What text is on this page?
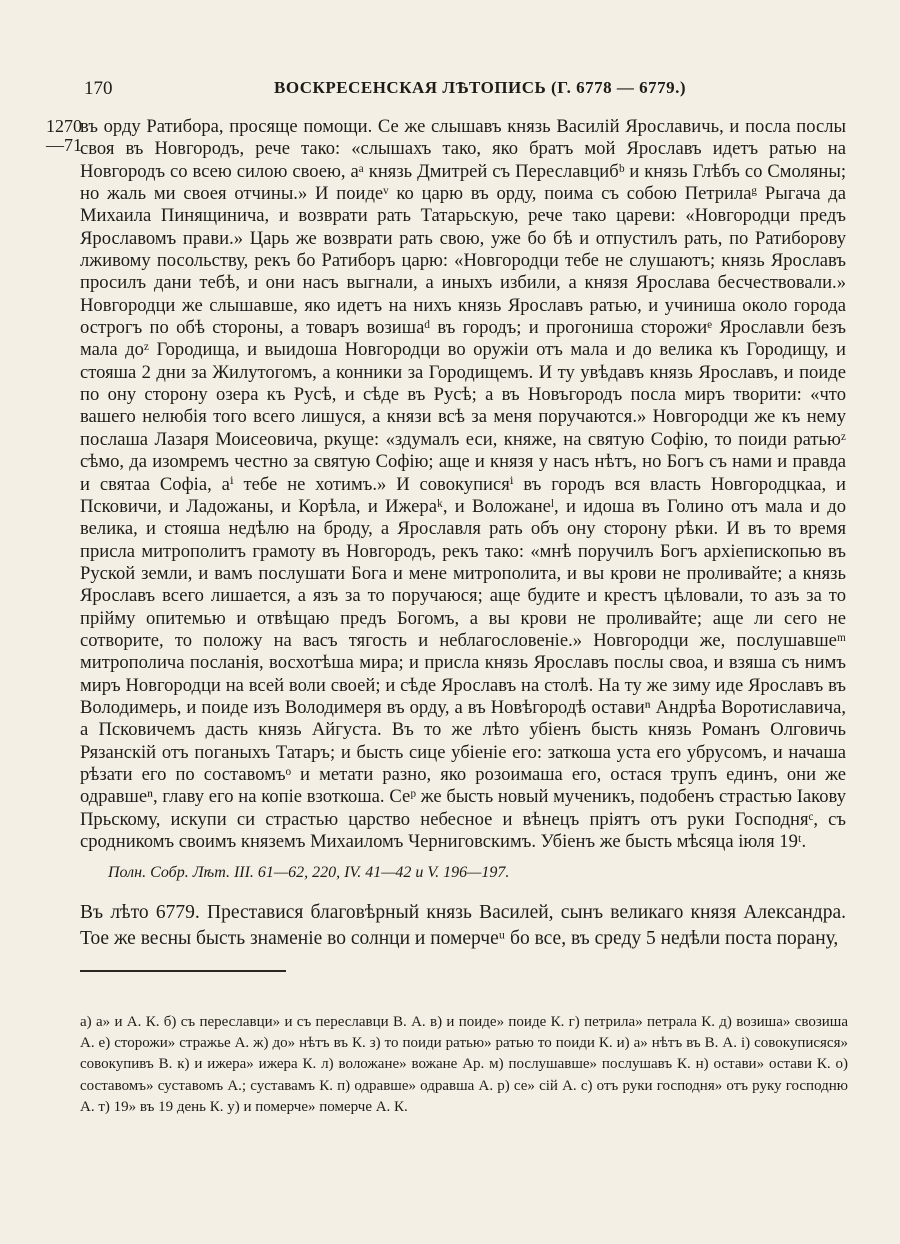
170	ВОСКРЕСЕНСКАЯ ЛѢТОПИСЬ (Г. 6778 — 6779.)
1270
—71

въ орду Ратибора, просяще помощи. Се же слышавъ князь Василій Ярославичь, и посла послы своя въ Новгородъ, рече тако: «слышахъ тако, яко братъ мой Ярославъ идетъ ратью на Новгородъ со всею силою своею, аᵃ князь Дмитрей съ Переславцибᵇ и князь Глѣбъ со Смоляны; но жаль ми своея отчины.» И поидеᵛ ко царю въ орду, поима съ собою Петрилаᵍ Рыгача да Михаила Пинящинича, и возврати рать Татарьскую, рече тако цареви: «Новгородци предъ Ярославомъ прави.» Царь же возврати рать свою, уже бо бѣ и отпустилъ рать, по Ратиборову лживому посольству, рекъ бо Ратиборъ царю: «Новгородци тебе не слушаютъ; князь Ярославъ просилъ дани тебѣ, и они насъ выгнали, а иныхъ избили, а князя Ярослава бесчествовали.» Новгородци же слышавше, яко идетъ на нихъ князь Ярославъ ратью, и учиниша около города острогъ по обѣ стороны, а товаръ возишаᵈ въ городъ; и прогониша сторожиᵉ Ярославли безъ мала доᶻ Городища, и выидоша Новгородци во оружіи отъ мала и до велика къ Городищу, и стояша 2 дни за Жилутогомъ, а конники за Городищемъ. И ту увѣдавъ князь Ярославъ, и поиде по ону сторону озера къ Русѣ, и сѣде въ Русѣ; а въ Новъгородъ посла миръ творити: «что вашего нелюбія того всего лишуся, а князи всѣ за меня поручаются.» Новгородци же къ нему послаша Лазаря Моисеовича, ркуще: «здумалъ еси, княже, на святую Софію, то поиди ратьюᶻ сѣмо, да изомремъ честно за святую Софію; аще и князя у насъ нѣтъ, но Богъ съ нами и правда и святаа Софіа, аⁱ тебе не хотимъ.» И совокуписяⁱ въ городъ вся власть Новгородцкаа, и Псковичи, и Ладожаны, и Корѣла, и Ижераᵏ, и Воложанеˡ, и идоша въ Голино отъ мала и до велика, и стояша недѣлю на броду, а Ярославля рать объ ону сторону рѣки. И въ то время присла митрополитъ грамоту въ Новгородъ, рекъ тако: «мнѣ поручилъ Богъ архіепископью въ Руской земли, и вамъ послушати Бога и мене митрополита, и вы крови не проливайте; а князь Ярославъ всего лишается, а язъ за то поручаюся; аще будите и крестъ цѣловали, то азъ за то прійму опитемью и отвѣщаю предъ Богомъ, а вы крови не проливайте; аще ли сего не сотворите, то положу на васъ тягость и неблагословеніе.» Новгородци же, послушавшеᵐ митрополича посланія, восхотѣша мира; и присла князь Ярославъ послы своа, и взяша съ нимъ миръ Новгородци на всей воли своей; и сѣде Ярославъ на столѣ. На ту же зиму иде Ярославъ въ Володимерь, и поиде изъ Володимеря въ орду, а въ Новѣгородѣ оставиⁿ Андрѣа Воротиславича, а Псковичемъ дасть князь Айгуста. Въ то же лѣто убіенъ бысть князь Романъ Олговичь Рязанскій отъ поганыхъ Татаръ; и бысть сице убіеніе его: заткоша уста его убрусомъ, и начаша рѣзати его по составомъᵒ и метати разно, яко розоимаша его, остася трупъ единъ, они же одравшеⁿ, главу его на копіе взоткоша. Сеᵖ же бысть новый мученикъ, подобенъ страстью Іакову Прьскому, искупи си страстью царство небесное и вѣнецъ пріятъ отъ руки Господняᶜ, съ сродникомъ своимъ княземъ Михаиломъ Черниговскимъ. Убіенъ же бысть мѣсяца іюля 19ᵗ.

Полн. Собр. Лѣт. III. 61—62, 220, IV. 41—42 и V. 196—197.

Въ лѣто 6779. Преставися благовѣрный князь Василей, сынъ великаго князя Александра. Тое же весны бысть знаменіе во солнци и померчеᵘ бо все, въ среду 5 недѣли поста порану,

а) а» и А. К. б) съ переславци» и съ переславци В. А. в) и поиде» поиде К. г) петрила» петрала К. д) возиша» свозиша А. е) сторожи» стражье А. ж) до» нѣтъ въ К. з) то поиди ратью» ратью то поиди К. и) а» нѣтъ въ В. А. і) совокуписяся» совокупивъ В. к) и ижера» ижера К. л) воложане» вожане Ар. м) послушавше» послушавъ К. н) остави» остави К. о) составомъ» суставомъ А.; суставамъ К. п) одравше» одравша А. р) се» сій А. с) отъ руки господня» отъ руку господню А. т) 19» въ 19 день К. у) и померче» померче А. К.
